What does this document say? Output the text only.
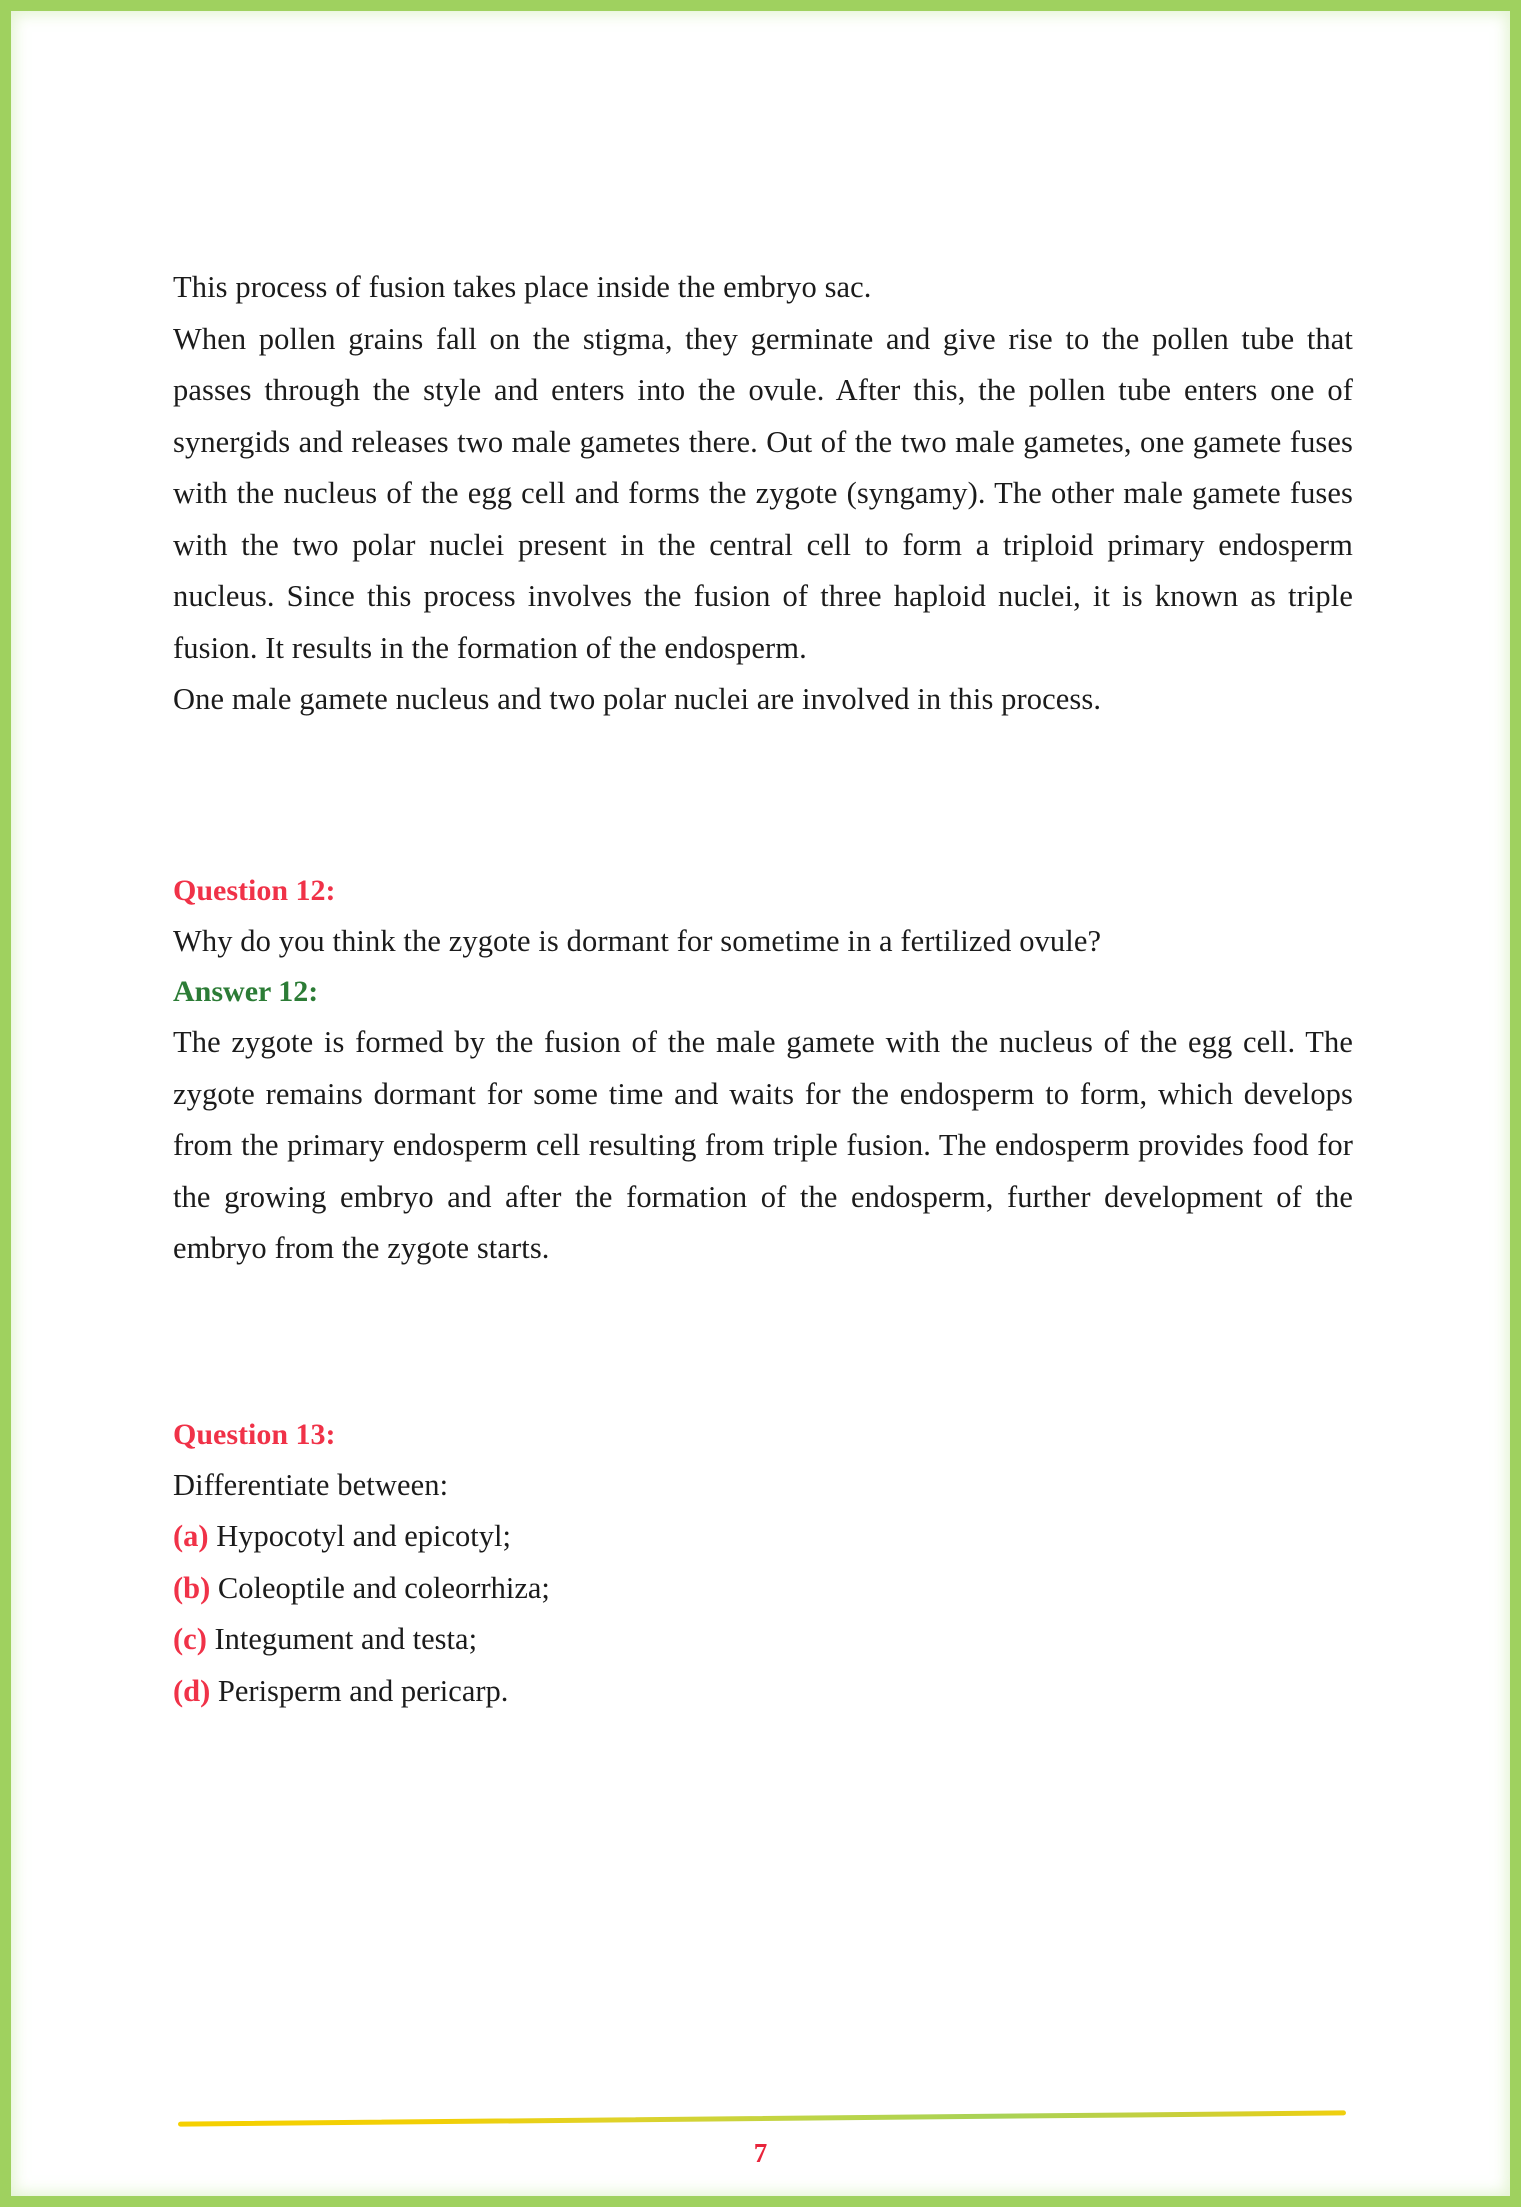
This process of fusion takes place inside the embryo sac.

When pollen grains fall on the stigma, they germinate and give rise to the pollen tube that passes through the style and enters into the ovule. After this, the pollen tube enters one of synergids and releases two male gametes there. Out of the two male gametes, one gamete fuses with the nucleus of the egg cell and forms the zygote (syngamy). The other male gamete fuses with the two polar nuclei present in the central cell to form a triploid primary endosperm nucleus. Since this process involves the fusion of three haploid nuclei, it is known as triple fusion. It results in the formation of the endosperm.

One male gamete nucleus and two polar nuclei are involved in this process.

Question 12:

Why do you think the zygote is dormant for sometime in a fertilized ovule?

Answer 12:

The zygote is formed by the fusion of the male gamete with the nucleus of the egg cell. The zygote remains dormant for some time and waits for the endosperm to form, which develops from the primary endosperm cell resulting from triple fusion. The endosperm provides food for the growing embryo and after the formation of the endosperm, further development of the embryo from the zygote starts.

Question 13:

Differentiate between:

(a) Hypocotyl and epicotyl;
(b) Coleoptile and coleorrhiza;
(c) Integument and testa;
(d) Perisperm and pericarp.
7
